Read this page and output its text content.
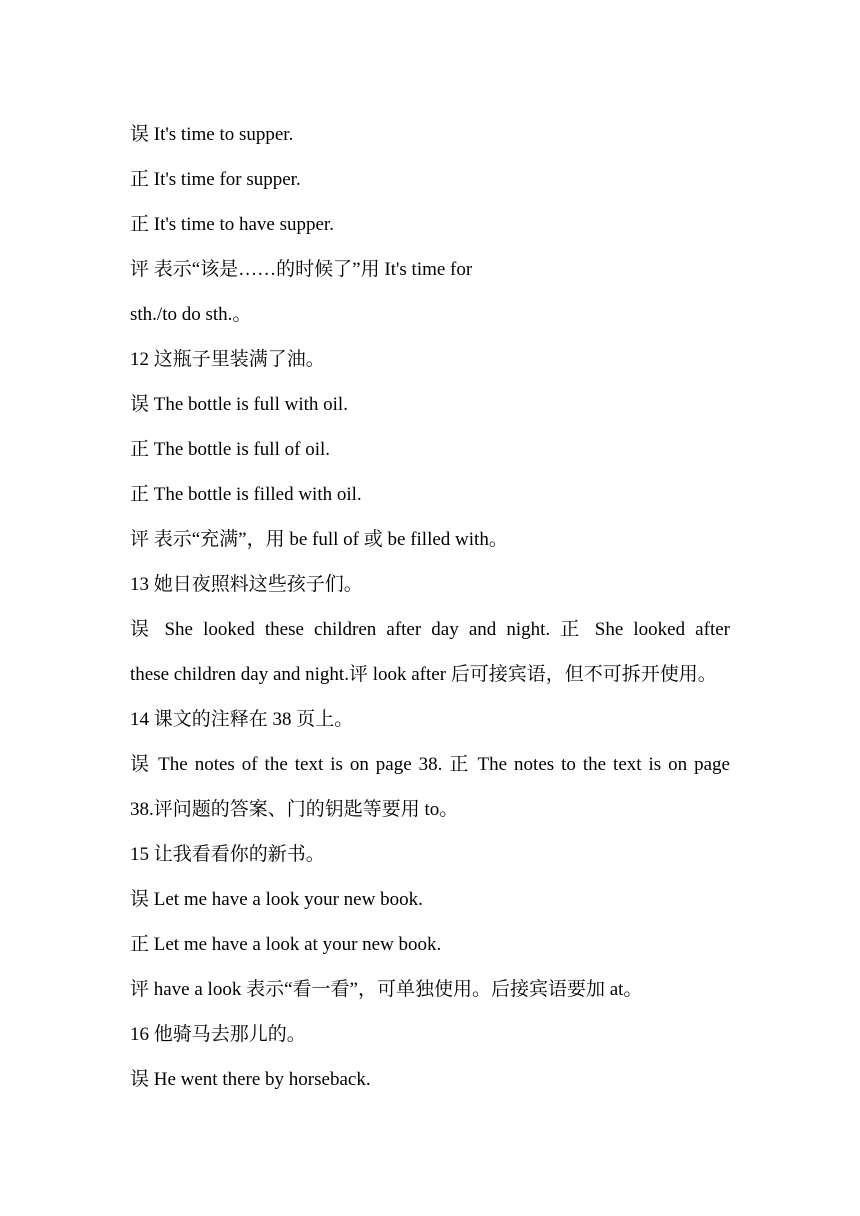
误 It's time to supper.
正 It's time for supper.
正 It's time to have supper.
评 表示“该是……的时候了”用 It's time for
sth./to do sth.。
12 这瓶子里装满了油。
误 The bottle is full with oil.
正 The bottle is full of oil.
正 The bottle is filled with oil.
评 表示“充满”，用 be full of 或 be filled with。
13 她日夜照料这些孩子们。
误 She looked these children after day and night. 正 She looked after
these children day and night.评 look after 后可接宾语，但不可拆开使用。
14 课文的注释在 38 页上。
误 The notes of the text is on page 38. 正 The notes to the text is on page
38.评问题的答案、门的钥匙等要用 to。
15 让我看看你的新书。
误 Let me have a look your new book.
正 Let me have a look at your new book.
评 have a look 表示“看一看”，可单独使用。后接宾语要加 at。
16 他骑马去那儿的。
误 He went there by horseback.
